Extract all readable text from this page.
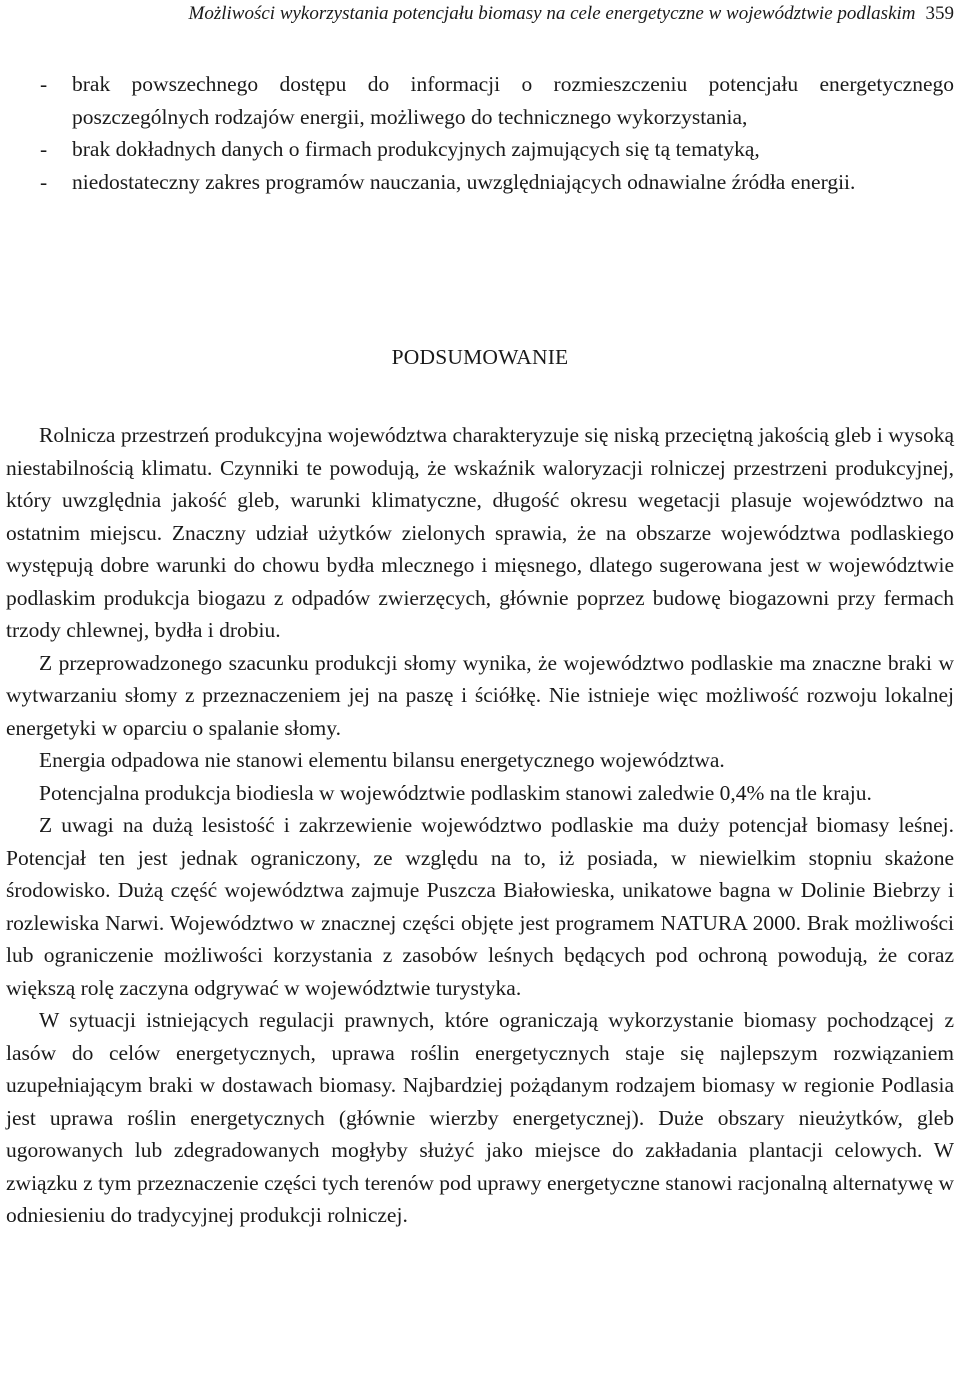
Możliwości wykorzystania potencjału biomasy na cele energetyczne w województwie podlaskim 359
- brak powszechnego dostępu do informacji o rozmieszczeniu potencjału energetycznego poszczególnych rodzajów energii, możliwego do technicznego wykorzystania,
- brak dokładnych danych o firmach produkcyjnych zajmujących się tą tematyką,
- niedostateczny zakres programów nauczania, uwzględniających odnawialne źródła energii.
PODSUMOWANIE

Rolnicza przestrzeń produkcyjna województwa charakteryzuje się niską przeciętną jakością gleb i wysoką niestabilnością klimatu. Czynniki te powodują, że wskaźnik waloryzacji rolniczej przestrzeni produkcyjnej, który uwzględnia jakość gleb, warunki klimatyczne, długość okresu wegetacji plasuje województwo na ostatnim miejscu. Znaczny udział użytków zielonych sprawia, że na obszarze województwa podlaskiego występują dobre warunki do chowu bydła mlecznego i mięsnego, dlatego sugerowana jest w województwie podlaskim produkcja biogazu z odpadów zwierzęcych, głównie poprzez budowę biogazowni przy fermach trzody chlewnej, bydła i drobiu.

Z przeprowadzonego szacunku produkcji słomy wynika, że województwo podlaskie ma znaczne braki w wytwarzaniu słomy z przeznaczeniem jej na paszę i ściółkę. Nie istnieje więc możliwość rozwoju lokalnej energetyki w oparciu o spalanie słomy.

Energia odpadowa nie stanowi elementu bilansu energetycznego województwa.

Potencjalna produkcja biodiesla w województwie podlaskim stanowi zaledwie 0,4% na tle kraju.

Z uwagi na dużą lesistość i zakrzewienie województwo podlaskie ma duży potencjał biomasy leśnej. Potencjał ten jest jednak ograniczony, ze względu na to, iż posiada, w niewielkim stopniu skażone środowisko. Dużą część województwa zajmuje Puszcza Białowieska, unikatowe bagna w Dolinie Biebrzy i rozlewiska Narwi. Województwo w znacznej części objęte jest programem NATURA 2000. Brak możliwości lub ograniczenie możliwości korzystania z zasobów leśnych będących pod ochroną powodują, że coraz większą rolę zaczyna odgrywać w województwie turystyka.

W sytuacji istniejących regulacji prawnych, które ograniczają wykorzystanie biomasy pochodzącej z lasów do celów energetycznych, uprawa roślin energetycznych staje się najlepszym rozwiązaniem uzupełniającym braki w dostawach biomasy. Najbardziej pożądanym rodzajem biomasy w regionie Podlasia jest uprawa roślin energetycznych (głównie wierzby energetycznej). Duże obszary nieużytków, gleb ugorowanych lub zdegradowanych mogłyby służyć jako miejsce do zakładania plantacji celowych. W związku z tym przeznaczenie części tych terenów pod uprawy energetyczne stanowi racjonalną alternatywę w odniesieniu do tradycyjnej produkcji rolniczej.
